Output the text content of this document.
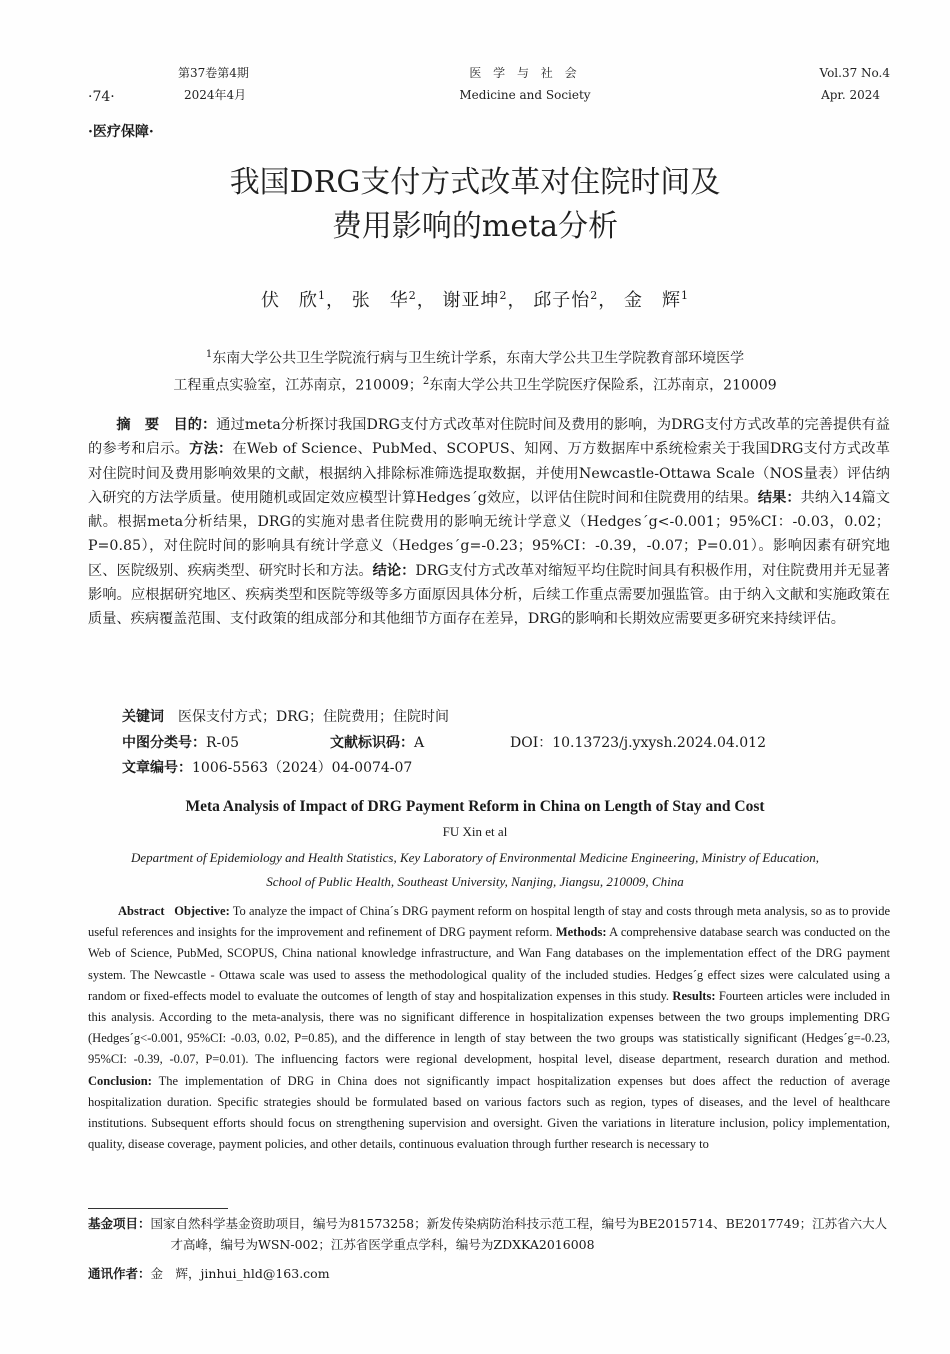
·74·
第37卷第4期
2024年4月
医 学 与 社 会
Medicine and Society
Vol.37 No.4
Apr. 2024
·医疗保障·
我国DRG支付方式改革对住院时间及
费用影响的meta分析
伏　欣$^1$， 张　华$^2$， 谢亚坤$^2$， 邱子怡$^2$， 金　辉$^1$
$^1$东南大学公共卫生学院流行病与卫生统计学系，东南大学公共卫生学院教育部环境医学
工程重点实验室，江苏南京，210009；$^2$东南大学公共卫生学院医疗保险系，江苏南京，210009

摘　要　 目的：通过meta分析探讨我国DRG支付方式改革对住院时间及费用的影响，为DRG支付方式改革的完善提供有益的参考和启示。方法：在Web of Science、PubMed、SCOPUS、知网、万方数据库中系统检索关于我国DRG支付方式改革对住院时间及费用影响效果的文献，根据纳入排除标准筛选提取数据，并使用Newcastle-Ottawa Scale（NOS量表）评估纳入研究的方法学质量。使用随机或固定效应模型计算Hedges´g效应，以评估住院时间和住院费用的结果。结果：共纳入14篇文献。根据meta分析结果，DRG的实施对患者住院费用的影响无统计学意义（Hedges´g<-0.001；95%CI：-0.03，0.02；P=0.85），对住院时间的影响具有统计学意义（Hedges´g=-0.23；95%CI：-0.39，-0.07；P=0.01）。影响因素有研究地区、医院级别、疾病类型、研究时长和方法。结论：DRG支付方式改革对缩短平均住院时间具有积极作用，对住院费用并无显著影响。应根据研究地区、疾病类型和医院等级等多方面原因具体分析，后续工作重点需要加强监管。由于纳入文献和实施政策在质量、疾病覆盖范围、支付政策的组成部分和其他细节方面存在差异，DRG的影响和长期效应需要更多研究来持续评估。

关键词　 医保支付方式；DRG；住院费用；住院时间
中图分类号：R-05	文献标识码：A	DOI：10.13723/j.yxysh.2024.04.012
文章编号：1006-5563（2024）04-0074-07
Meta Analysis of Impact of DRG Payment Reform in China on Length of Stay and Cost
FU Xin et al
Department of Epidemiology and Health Statistics, Key Laboratory of Environmental Medicine Engineering, Ministry of Education,
School of Public Health, Southeast University, Nanjing, Jiangsu, 210009, China

Abstract Objective: To analyze the impact of China´s DRG payment reform on hospital length of stay and costs through meta analysis, so as to provide useful references and insights for the improvement and refinement of DRG payment reform. Methods: A comprehensive database search was conducted on the Web of Science, PubMed, SCOPUS, China national knowledge infrastructure, and Wan Fang databases on the implementation effect of the DRG payment system. The Newcastle - Ottawa scale was used to assess the methodological quality of the included studies. Hedges´g effect sizes were calculated using a random or fixed-effects model to evaluate the outcomes of length of stay and hospitalization expenses in this study. Results: Fourteen articles were included in this analysis. According to the meta-analysis, there was no significant difference in hospitalization expenses between the two groups implementing DRG (Hedges´g<-0.001, 95%CI: -0.03, 0.02, P=0.85), and the difference in length of stay between the two groups was statistically significant (Hedges´g=-0.23, 95%CI: -0.39, -0.07, P=0.01). The influencing factors were regional development, hospital level, disease department, research duration and method. Conclusion: The implementation of DRG in China does not significantly impact hospitalization expenses but does affect the reduction of average hospitalization duration. Specific strategies should be formulated based on various factors such as region, types of diseases, and the level of healthcare institutions. Subsequent efforts should focus on strengthening supervision and oversight. Given the variations in literature inclusion, policy implementation, quality, disease coverage, payment policies, and other details, continuous evaluation through further research is necessary to

基金项目：国家自然科学基金资助项目，编号为81573258；新发传染病防治科技示范工程，编号为BE2015714、BE2017749；江苏省六大人才高峰，编号为WSN-002；江苏省医学重点学科，编号为ZDXKA2016008
通讯作者：金　辉，jinhui_hld@163.com
